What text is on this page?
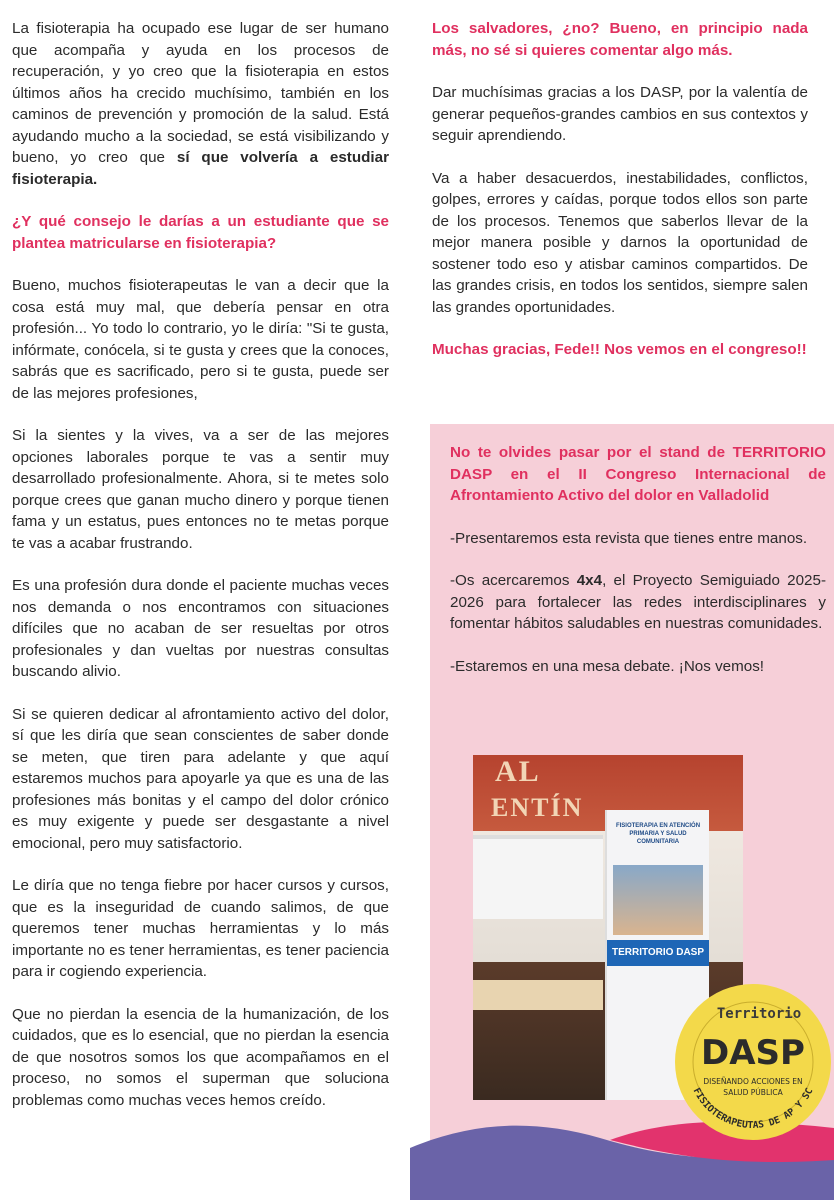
La fisioterapia ha ocupado ese lugar de ser humano que acompaña y ayuda en los procesos de recuperación, y yo creo que la fisioterapia en estos últimos años ha crecido muchísimo, también en los caminos de prevención y promoción de la salud. Está ayudando mucho a la sociedad, se está visibilizando y bueno, yo creo que sí que volvería a estudiar fisioterapia.

¿Y qué consejo le darías a un estudiante que se plantea matricularse en fisioterapia?

Bueno, muchos fisioterapeutas le van a decir que la cosa está muy mal, que debería pensar en otra profesión... Yo todo lo contrario, yo le diría: "Si te gusta, infórmate, conócela, si te gusta y crees que la conoces, sabrás que es sacrificado, pero si te gusta, puede ser de las mejores profesiones,

Si la sientes y la vives, va a ser de las mejores opciones laborales porque te vas a sentir muy desarrollado profesionalmente. Ahora, si te metes solo porque crees que ganan mucho dinero y porque tienen fama y un estatus, pues entonces no te metas porque te vas a acabar frustrando.

Es una profesión dura donde el paciente muchas veces nos demanda o nos encontramos con situaciones difíciles que no acaban de ser resueltas por otros profesionales y dan vueltas por nuestras consultas buscando alivio.

Si se quieren dedicar al afrontamiento activo del dolor, sí que les diría que sean conscientes de saber donde se meten, que tiren para adelante y que aquí estaremos muchos para apoyarle ya que es una de las profesiones más bonitas y el campo del dolor crónico es muy exigente y puede ser desgastante a nivel emocional, pero muy satisfactorio.

Le diría que no tenga fiebre por hacer cursos y cursos, que es la inseguridad de cuando salimos, de que queremos tener muchas herramientas y lo más importante no es tener herramientas, es tener paciencia para ir cogiendo experiencia.

Que no pierdan la esencia de la humanización, de los cuidados, que es lo esencial, que no pierdan la esencia de que nosotros somos los que acompañamos en el proceso, no somos el superman que soluciona problemas como muchas veces hemos creído.

Los salvadores, ¿no? Bueno, en principio nada más, no sé si quieres comentar algo más.

Dar muchísimas gracias a los DASP, por la valentía de generar pequeños-grandes cambios en sus contextos y seguir aprendiendo.

Va a haber desacuerdos, inestabilidades, conflictos, golpes, errores y caídas, porque todos ellos son parte de los procesos. Tenemos que saberlos llevar de la mejor manera posible y darnos la oportunidad de sostener todo eso y atisbar caminos compartidos. De las grandes crisis, en todos los sentidos, siempre salen las grandes oportunidades.

Muchas gracias, Fede!! Nos vemos en el congreso!!

No te olvides pasar por el stand de TERRITORIO DASP en el II Congreso Internacional de Afrontamiento Activo del dolor en Valladolid

-Presentaremos esta revista que tienes entre manos.

-Os acercaremos 4x4, el Proyecto Semiguiado 2025-2026 para fortalecer las redes interdisciplinares y fomentar hábitos saludables en nuestras comunidades.

-Estaremos en una mesa debate. ¡Nos vemos!

AL
ENTÍN
FISIOTERAPIA EN ATENCIÓN PRIMARIA Y SALUD COMUNITARIA
TERRITORIO DASP
Territorio
DASP
DISEÑANDO ACCIONES EN
SALUD PÚBLICA
FISIOTERAPEUTAS DE AP Y SC
